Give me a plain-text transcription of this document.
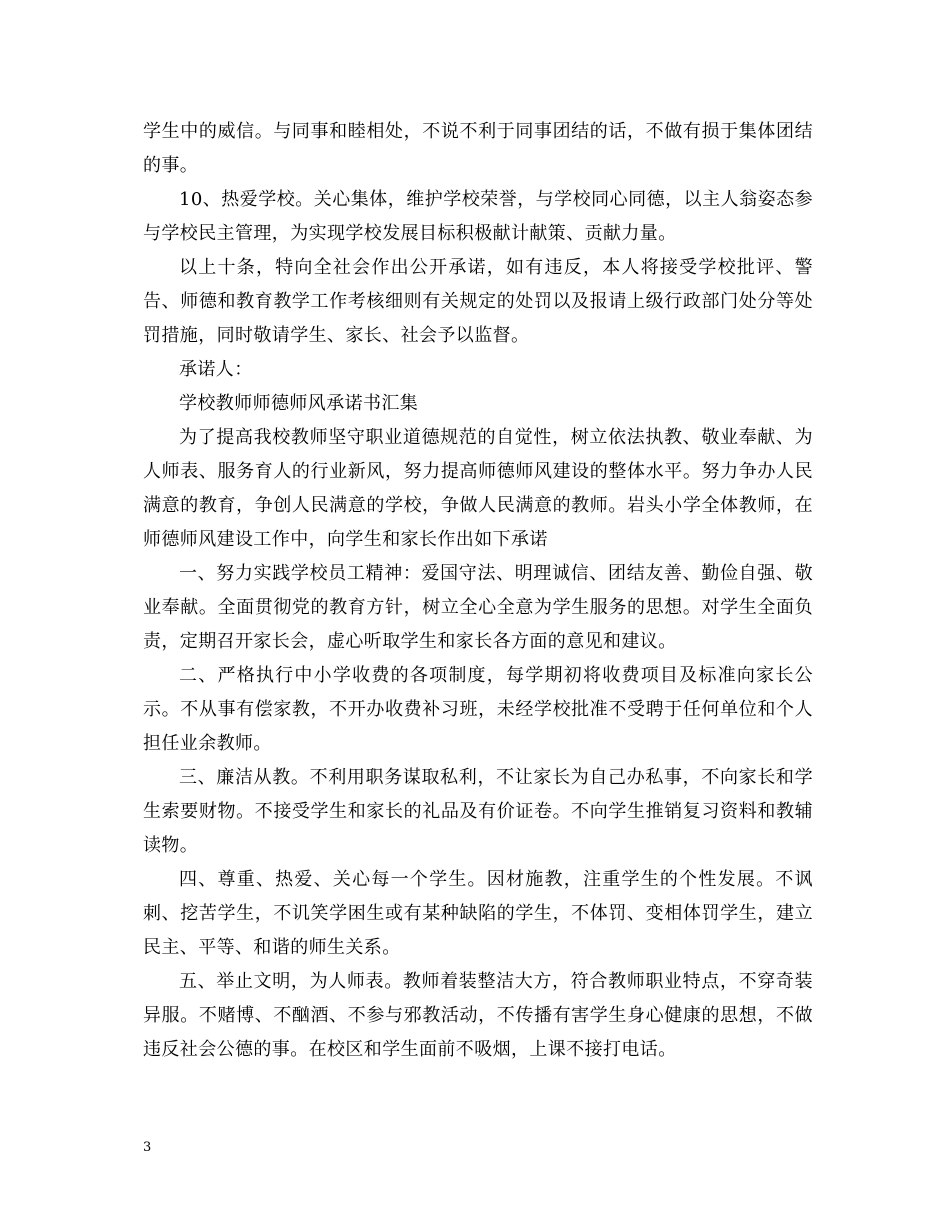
学生中的威信。与同事和睦相处，不说不利于同事团结的话，不做有损于集体团结的事。

10、热爱学校。关心集体，维护学校荣誉，与学校同心同德，以主人翁姿态参与学校民主管理，为实现学校发展目标积极献计献策、贡献力量。

以上十条，特向全社会作出公开承诺，如有违反，本人将接受学校批评、警告、师德和教育教学工作考核细则有关规定的处罚以及报请上级行政部门处分等处罚措施，同时敬请学生、家长、社会予以监督。

承诺人：

学校教师师德师风承诺书汇集

为了提高我校教师坚守职业道德规范的自觉性，树立依法执教、敬业奉献、为人师表、服务育人的行业新风，努力提高师德师风建设的整体水平。努力争办人民满意的教育，争创人民满意的学校，争做人民满意的教师。岩头小学全体教师，在师德师风建设工作中，向学生和家长作出如下承诺

一、努力实践学校员工精神：爱国守法、明理诚信、团结友善、勤俭自强、敬业奉献。全面贯彻党的教育方针，树立全心全意为学生服务的思想。对学生全面负责，定期召开家长会，虚心听取学生和家长各方面的意见和建议。

二、严格执行中小学收费的各项制度，每学期初将收费项目及标准向家长公示。不从事有偿家教，不开办收费补习班，未经学校批准不受聘于任何单位和个人担任业余教师。

三、廉洁从教。不利用职务谋取私利，不让家长为自己办私事，不向家长和学生索要财物。不接受学生和家长的礼品及有价证卷。不向学生推销复习资料和教辅读物。

四、尊重、热爱、关心每一个学生。因材施教，注重学生的个性发展。不讽刺、挖苦学生，不讥笑学困生或有某种缺陷的学生，不体罚、变相体罚学生，建立民主、平等、和谐的师生关系。

五、举止文明，为人师表。教师着装整洁大方，符合教师职业特点，不穿奇装异服。不赌博、不酗酒、不参与邪教活动，不传播有害学生身心健康的思想，不做违反社会公德的事。在校区和学生面前不吸烟，上课不接打电话。

3
